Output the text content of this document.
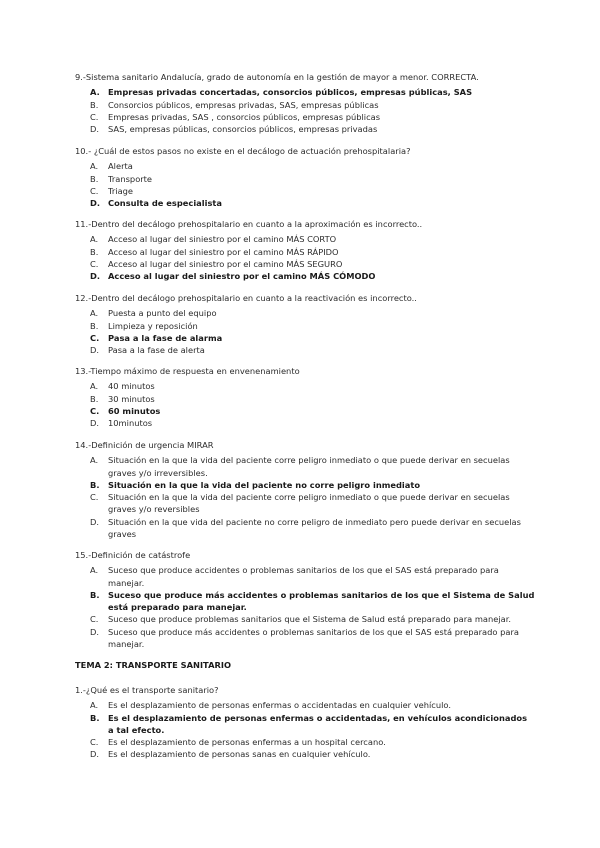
9.-Sistema sanitario Andalucía, grado de autonomía en la gestión de mayor a menor. CORRECTA.
A. Empresas privadas concertadas, consorcios públicos, empresas públicas, SAS
B.	Consorcios públicos, empresas privadas, SAS, empresas públicas
C.	Empresas privadas, SAS , consorcios públicos, empresas públicas
D.	SAS, empresas públicas, consorcios públicos, empresas privadas
10.- ¿Cuál de estos pasos no existe en el decálogo de actuación prehospitalaria?
A.	Alerta
B.	Transporte
C.	Triage
D. Consulta de especialista
11.-Dentro del decálogo prehospitalario en cuanto a la aproximación es incorrecto..
A.	Acceso al lugar del siniestro por el camino MÁS CORTO
B.	Acceso al lugar del siniestro por el camino MÁS RÁPIDO
C.	Acceso al lugar del siniestro por el camino MÁS SEGURO
D. Acceso al lugar del siniestro por el camino MÁS CÓMODO
12.-Dentro del decálogo prehospitalario en cuanto a la reactivación es incorrecto..
A.	Puesta a punto del equipo
B.	Limpieza y reposición
C.	Pasa a la fase de alarma
D.	Pasa a la fase de alerta
13.-Tiempo máximo de respuesta en envenenamiento
A.	40 minutos
B.	30 minutos
C.	60 minutos
D.	10minutos
14.-Definición de urgencia MIRAR
A.	Situación en la que la vida del paciente corre peligro inmediato o que puede derivar en secuelas graves y/o irreversibles.
B.	Situación en la que la vida del paciente no corre peligro inmediato
C.	Situación en la que la vida del paciente corre peligro inmediato o que puede derivar en secuelas graves y/o reversibles
D.	Situación en la que vida del paciente no corre peligro de inmediato pero puede derivar en secuelas graves
15.-Definición de catástrofe
A.	Suceso que produce accidentes o problemas sanitarios de los que el SAS está preparado para manejar.
B.	Suceso que produce más accidentes o problemas sanitarios de los que el Sistema de Salud está preparado para manejar.
C.	Suceso que produce problemas sanitarios que el Sistema de Salud está preparado para manejar.
D.	Suceso que produce más accidentes o problemas sanitarios de los que el SAS está preparado para manejar.
TEMA 2: TRANSPORTE SANITARIO
1.-¿Qué es el transporte sanitario?
A.	Es el desplazamiento de personas enfermas o accidentadas en cualquier vehículo.
B.	Es el desplazamiento de personas enfermas o accidentadas, en vehículos acondicionados a tal efecto.
C.	Es el desplazamiento de personas enfermas a un hospital cercano.
D.	Es el desplazamiento de personas sanas en cualquier vehículo.
